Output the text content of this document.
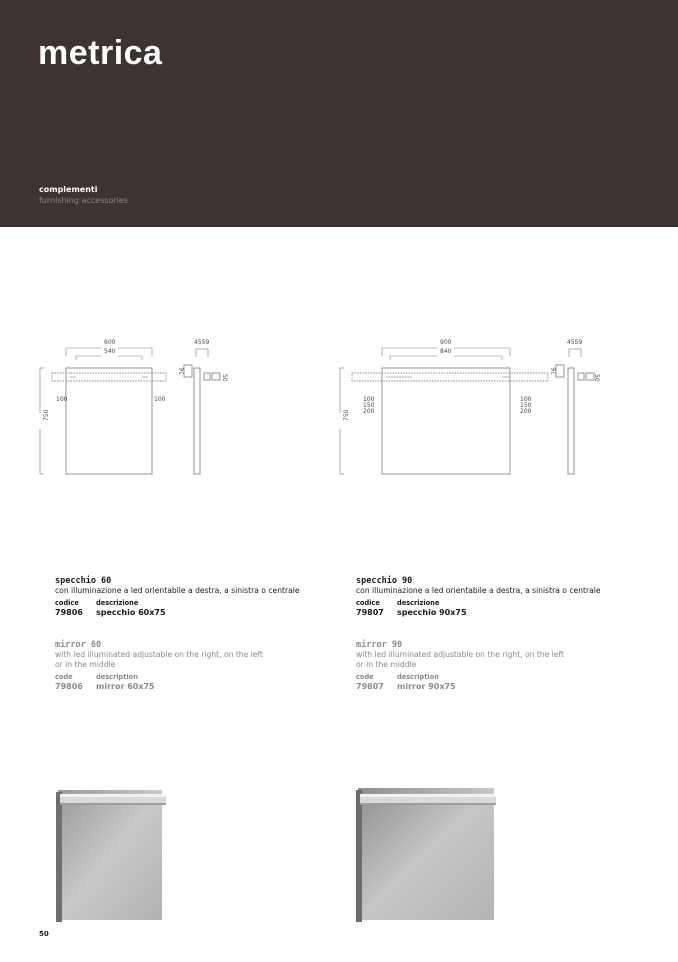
metrica
complementi
furnishing accessories
600
540
750
100	100
4559
76
50
900
840
750
100
150
200
100
150
200
4559
76
50
specchio 60
con illuminazione a led orientabile a destra, a sinistra o centrale
codice	descrizione
79806	specchio 60x75
mirror 60
with led illuminated adjustable on the right, on the left
or in the middle
code	description
79806	mirror 60x75
specchio 90
con illuminazione a led orientabile a destra, a sinistra o centrale
codice	descrizione
79807	specchio 90x75
mirror 90
with led illuminated adjustable on the right, on the left
or in the middle
code	description
79807	mirror 90x75
50
